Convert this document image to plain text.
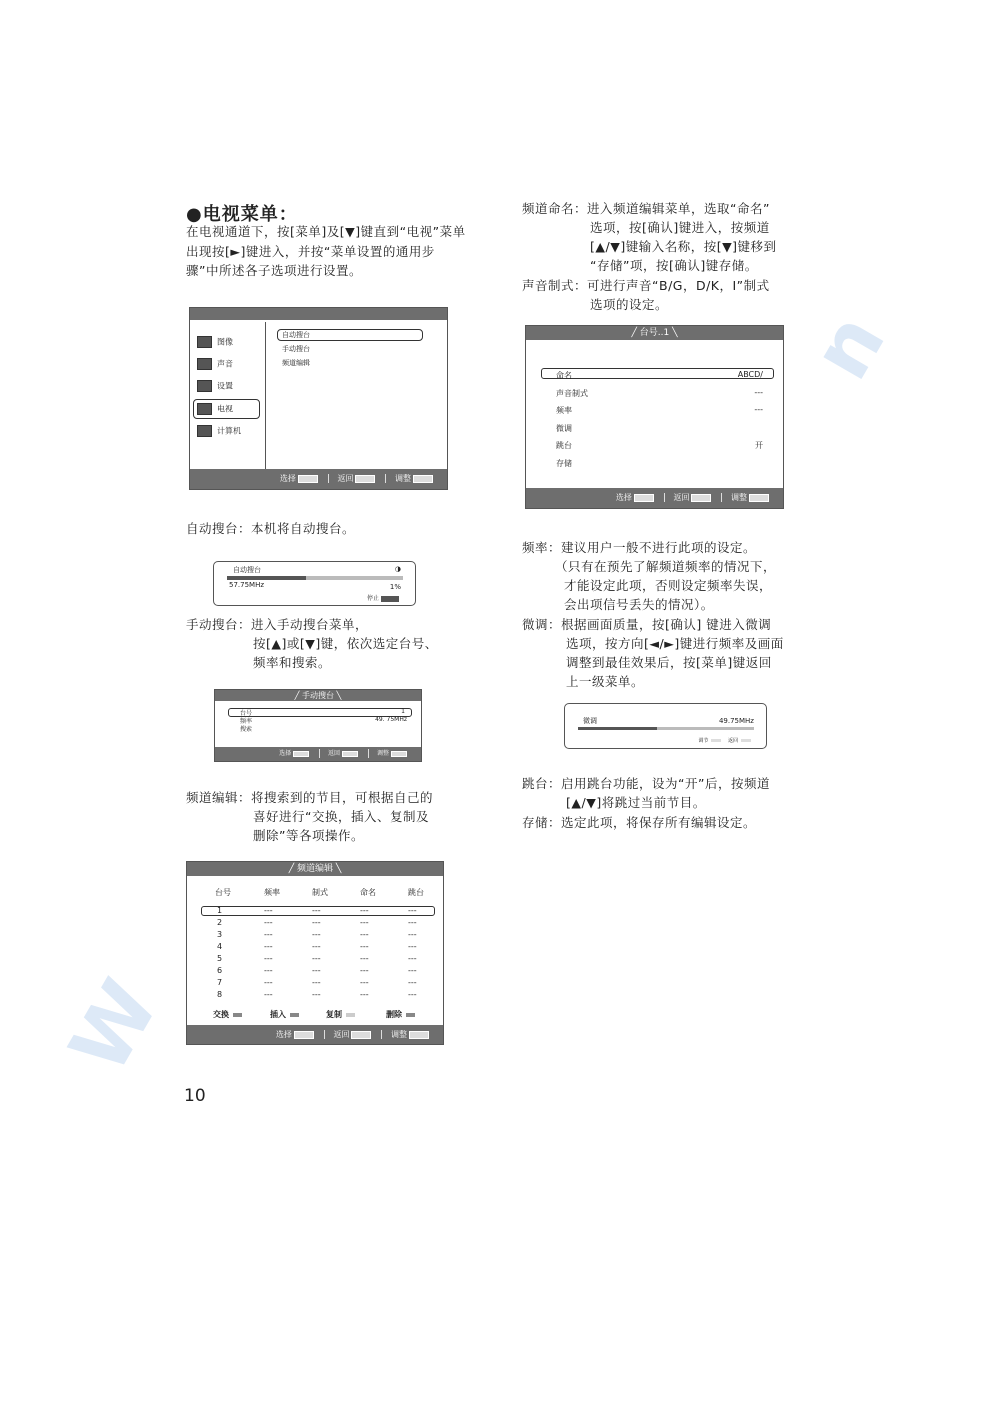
W
n
●电视菜单：
在电视通道下，按[菜单]及[▼]键直到“电视”菜单出现按[►]键进入，并按“菜单设置的通用步骤”中所述各子选项进行设置。
图像
声音
设置
电视
计算机
自动搜台
手动搜台
频道编辑
选择	返回	调整
自动搜台：本机将自动搜台。
自动搜台	◑
57.75MHz	1%
停止
手动搜台：进入手动搜台菜单，
按[▲]或[▼]键，依次选定台号、
频率和搜索。
╱ 手动搜台 ╲
台号	1
频率	49. 75MHz
搜索
选择	返回	调整
频道编辑：将搜索到的节目，可根据自己的
喜好进行“交换，插入、复制及
删除”等各项操作。
╱ 频道编辑 ╲
台号	频率	制式	命名	跳台
1	---	---	---	---
2	---	---	---	---
3	---	---	---	---
4	---	---	---	---
5	---	---	---	---
6	---	---	---	---
7	---	---	---	---
8	---	---	---	---
交换	插入	复制	删除
选择	返回	调整
10
频道命名：进入频道编辑菜单，选取“命名”
选项，按[确认]键进入，按频道
[▲/▼]键输入名称，按[▼]键移到
“存储”项，按[确认]键存储。
声音制式：可进行声音“B/G，D/K，I”制式
选项的设定。
╱ 台号..1 ╲
命名	ABCD/
声音制式	---
频率	---
微调
跳台	开
存储
选择	返回	调整
频率：建议用户一般不进行此项的设定。
（只有在预先了解频道频率的情况下，
才能设定此项，否则设定频率失误，
会出项信号丢失的情况）。
微调：根据画面质量，按[确认] 键进入微调
选项，按方向[◄/►]键进行频率及画面
调整到最佳效果后，按[菜单]键返回
上一级菜单。
微调	49.75MHz
调节	返回
跳台：启用跳台功能，设为“开”后，按频道
[▲/▼]将跳过当前节目。
存储：选定此项，将保存所有编辑设定。
